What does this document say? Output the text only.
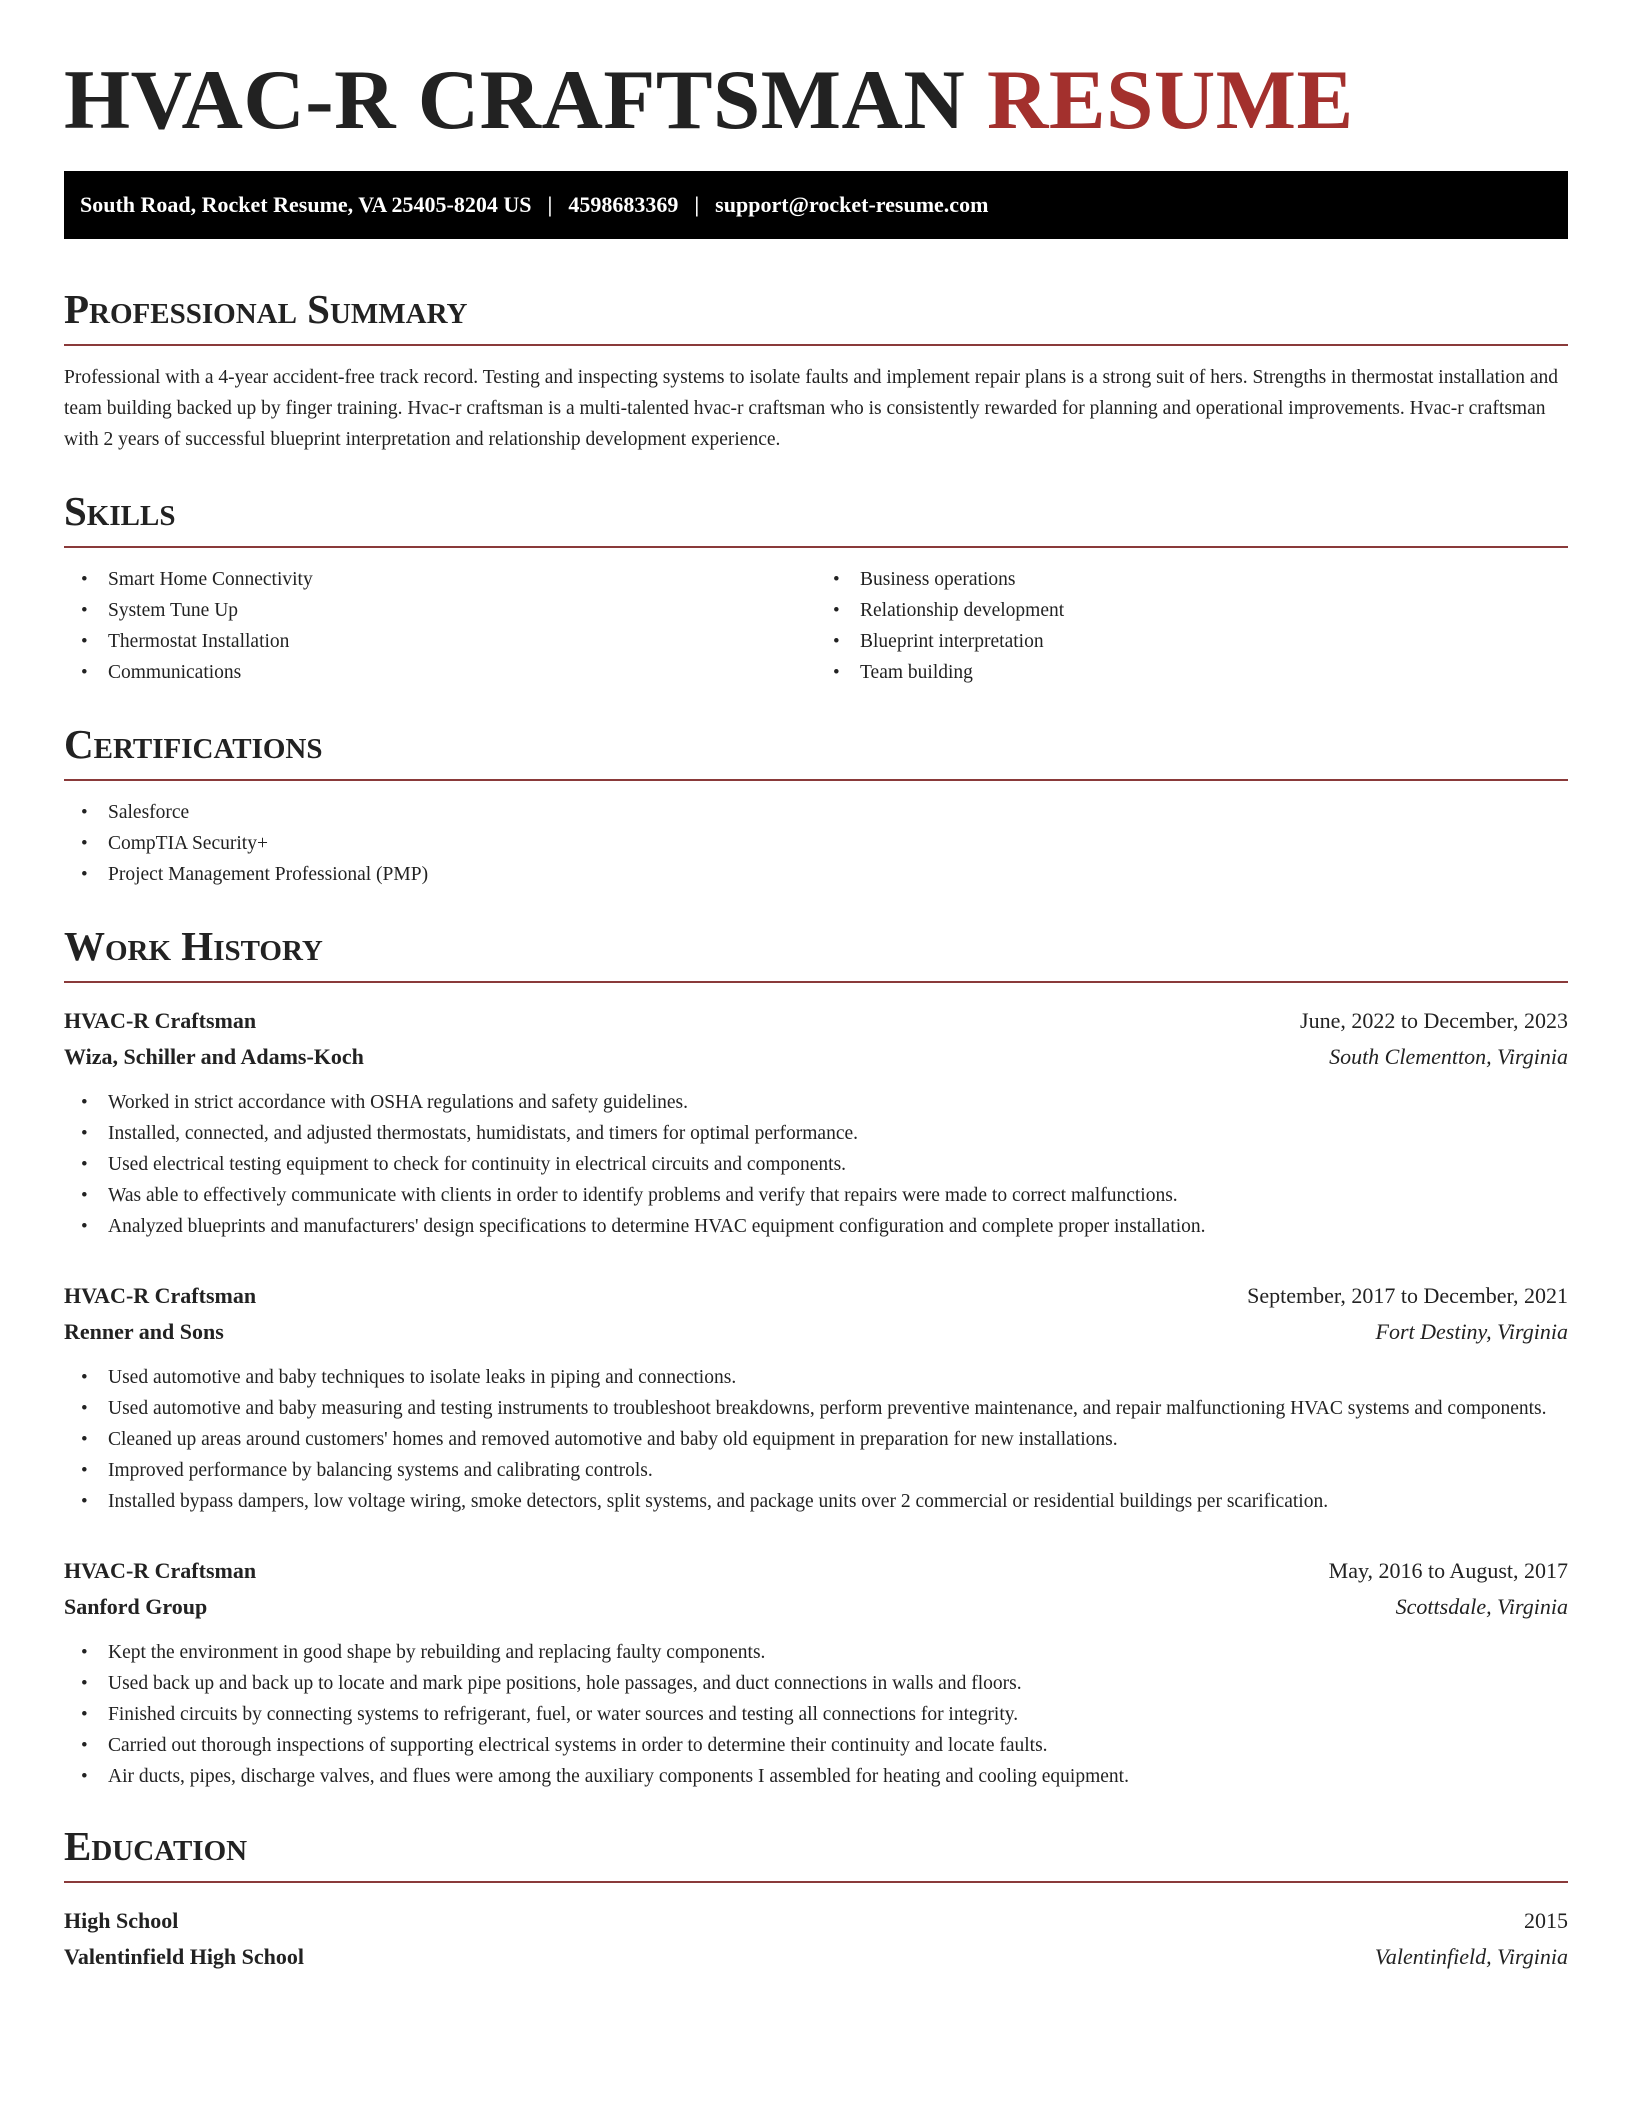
HVAC-R CRAFTSMAN RESUME
South Road, Rocket Resume, VA 25405-8204 US | 4598683369 | support@rocket-resume.com
Professional Summary

Professional with a 4-year accident-free track record. Testing and inspecting systems to isolate faults and implement repair plans is a strong suit of hers. Strengths in thermostat installation and team building backed up by finger training. Hvac-r craftsman is a multi-talented hvac-r craftsman who is consistently rewarded for planning and operational improvements. Hvac-r craftsman with 2 years of successful blueprint interpretation and relationship development experience.

Skills
• Smart Home Connectivity
• System Tune Up
• Thermostat Installation
• Communications
• Business operations
• Relationship development
• Blueprint interpretation
• Team building
Certifications
• Salesforce
• CompTIA Security+
• Project Management Professional (PMP)
Work History
HVAC-R Craftsman	June, 2022 to December, 2023
Wiza, Schiller and Adams-Koch	South Clementton, Virginia
• Worked in strict accordance with OSHA regulations and safety guidelines.
• Installed, connected, and adjusted thermostats, humidistats, and timers for optimal performance.
• Used electrical testing equipment to check for continuity in electrical circuits and components.
• Was able to effectively communicate with clients in order to identify problems and verify that repairs were made to correct malfunctions.
• Analyzed blueprints and manufacturers' design specifications to determine HVAC equipment configuration and complete proper installation.
HVAC-R Craftsman	September, 2017 to December, 2021
Renner and Sons	Fort Destiny, Virginia
• Used automotive and baby techniques to isolate leaks in piping and connections.
• Used automotive and baby measuring and testing instruments to troubleshoot breakdowns, perform preventive maintenance, and repair malfunctioning HVAC systems and components.
• Cleaned up areas around customers' homes and removed automotive and baby old equipment in preparation for new installations.
• Improved performance by balancing systems and calibrating controls.
• Installed bypass dampers, low voltage wiring, smoke detectors, split systems, and package units over 2 commercial or residential buildings per scarification.
HVAC-R Craftsman	May, 2016 to August, 2017
Sanford Group	Scottsdale, Virginia
• Kept the environment in good shape by rebuilding and replacing faulty components.
• Used back up and back up to locate and mark pipe positions, hole passages, and duct connections in walls and floors.
• Finished circuits by connecting systems to refrigerant, fuel, or water sources and testing all connections for integrity.
• Carried out thorough inspections of supporting electrical systems in order to determine their continuity and locate faults.
• Air ducts, pipes, discharge valves, and flues were among the auxiliary components I assembled for heating and cooling equipment.
Education
High School	2015
Valentinfield High School	Valentinfield, Virginia
